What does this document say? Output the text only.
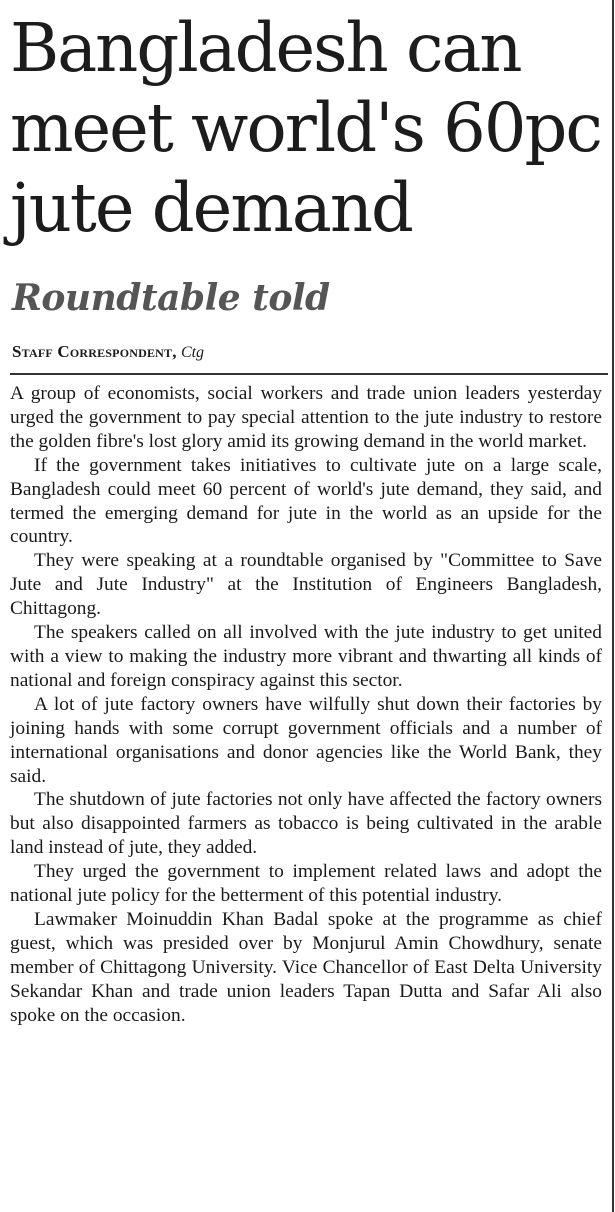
Bangladesh can meet world's 60pc jute demand
Roundtable told
Staff Correspondent, Ctg

A group of economists, social workers and trade union leaders yesterday urged the government to pay special attention to the jute industry to restore the golden fibre's lost glory amid its growing demand in the world market.

If the government takes initiatives to cultivate jute on a large scale, Bangladesh could meet 60 percent of world's jute demand, they said, and termed the emerging demand for jute in the world as an upside for the country.

They were speaking at a roundtable organised by "Committee to Save Jute and Jute Industry" at the Institution of Engineers Bangladesh, Chittagong.

The speakers called on all involved with the jute industry to get united with a view to making the industry more vibrant and thwarting all kinds of national and foreign conspiracy against this sector.

A lot of jute factory owners have wilfully shut down their factories by joining hands with some corrupt government officials and a number of international organisations and donor agencies like the World Bank, they said.

The shutdown of jute factories not only have affected the factory owners but also disappointed farmers as tobacco is being cultivated in the arable land instead of jute, they added.

They urged the government to implement related laws and adopt the national jute policy for the betterment of this potential industry.

Lawmaker Moinuddin Khan Badal spoke at the programme as chief guest, which was presided over by Monjurul Amin Chowdhury, senate member of Chittagong University. Vice Chancellor of East Delta University Sekandar Khan and trade union leaders Tapan Dutta and Safar Ali also spoke on the occasion.
